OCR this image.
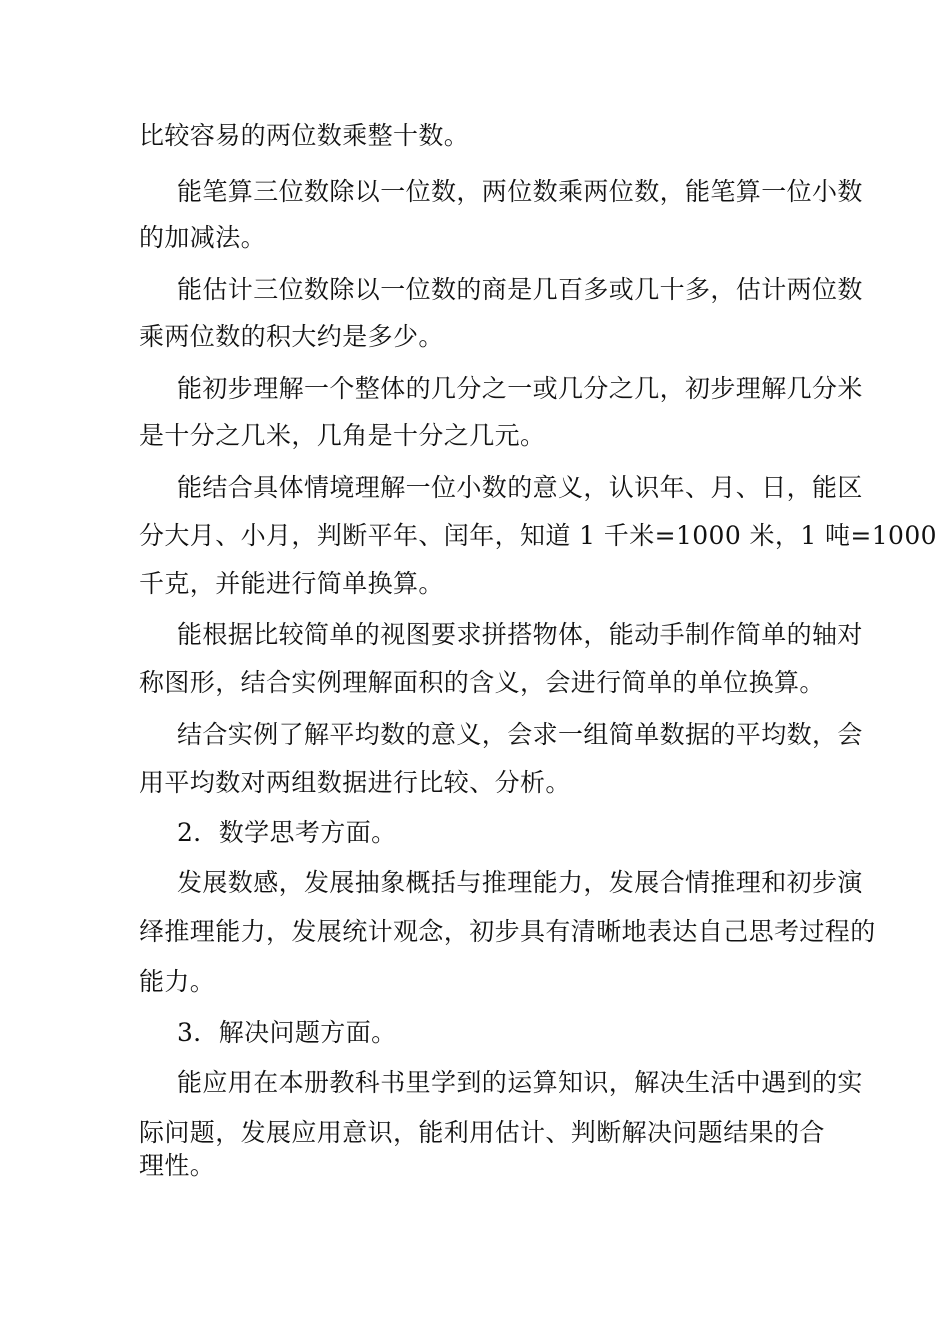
比较容易的两位数乘整十数。
能笔算三位数除以一位数，两位数乘两位数，能笔算一位小数
的加减法。
能估计三位数除以一位数的商是几百多或几十多，估计两位数
乘两位数的积大约是多少。
能初步理解一个整体的几分之一或几分之几，初步理解几分米
是十分之几米，几角是十分之几元。
能结合具体情境理解一位小数的意义，认识年、月、日，能区
分大月、小月，判断平年、闰年，知道 1 千米=1000 米，1 吨=1000
千克，并能进行简单换算。
能根据比较简单的视图要求拼搭物体，能动手制作简单的轴对
称图形，结合实例理解面积的含义，会进行简单的单位换算。
结合实例了解平均数的意义，会求一组简单数据的平均数，会
用平均数对两组数据进行比较、分析。
2．数学思考方面。
发展数感，发展抽象概括与推理能力，发展合情推理和初步演
绎推理能力，发展统计观念，初步具有清晰地表达自己思考过程的
能力。
3．解决问题方面。
能应用在本册教科书里学到的运算知识，解决生活中遇到的实
际问题，发展应用意识，能利用估计、判断解决问题结果的合
理性。
